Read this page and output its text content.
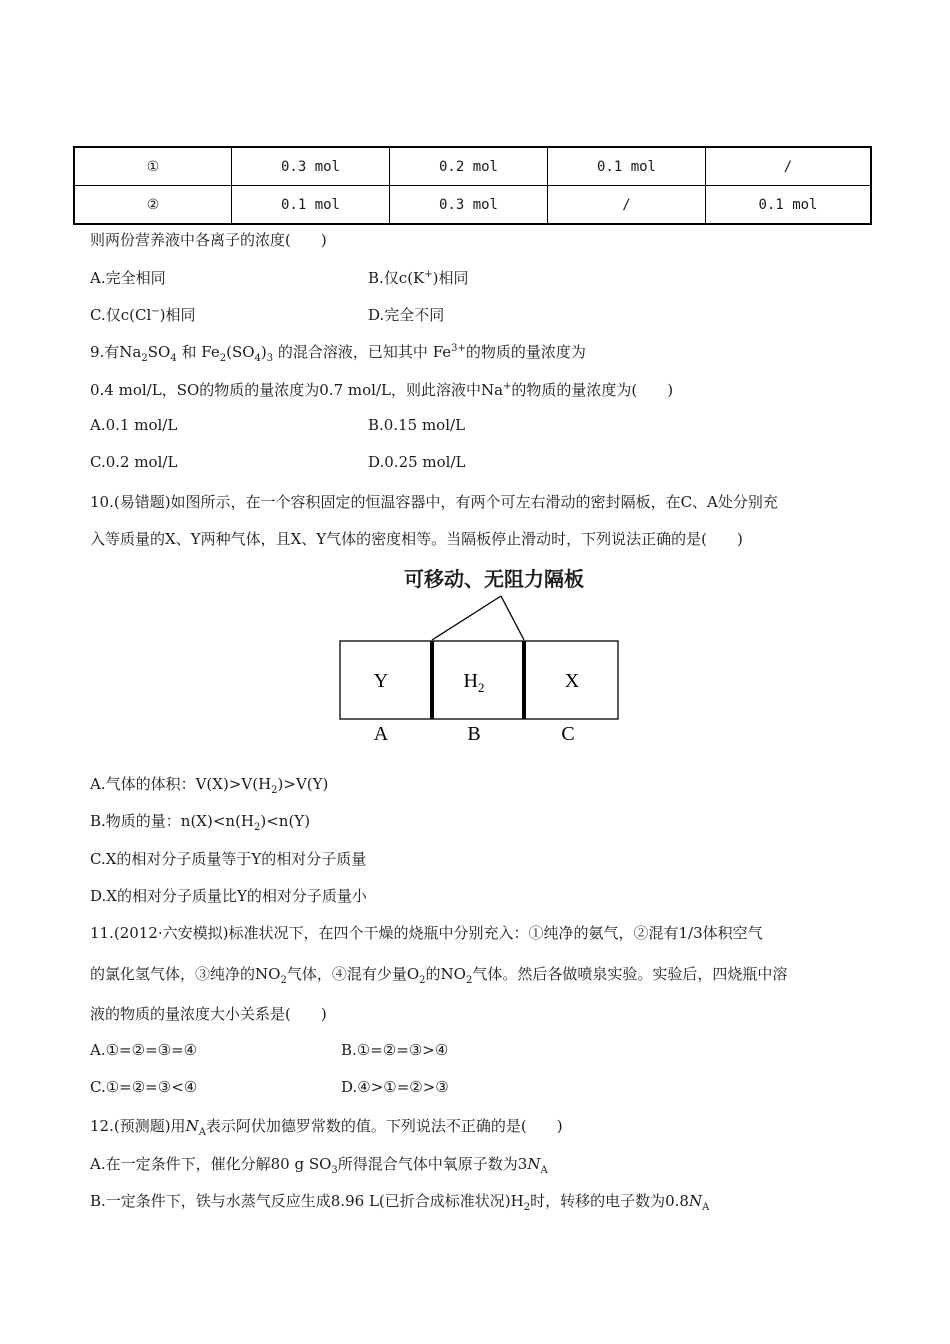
①	0.3 mol	0.2 mol	0.1 mol	/
②	0.1 mol	0.3 mol	/	0.1 mol
则两份营养液中各离子的浓度(　　)
A.完全相同	B.仅c(K+)相同
C.仅c(Cl−)相同	D.完全不同
9.有$Na_2SO_4$ 和 $Fe_2(SO_4)_3$ 的混合溶液，已知其中 $Fe^{3+}$的物质的量浓度为
0.4 mol/L，SO的物质的量浓度为0.7 mol/L，则此溶液中Na+的物质的量浓度为(　　)
A.0.1 mol/L	B.0.15 mol/L
C.0.2 mol/L	D.0.25 mol/L
10.(易错题)如图所示，在一个容积固定的恒温容器中，有两个可左右滑动的密封隔板，在C、A处分别充
入等质量的X、Y两种气体，且X、Y气体的密度相等。当隔板停止滑动时，下列说法正确的是(　　)
可移动、无阻力隔板
Y	$H_2$	X
A	B	C
A.气体的体积：$V(X)>V(H_2)>V(Y)$
B.物质的量：$n(X)<n(H_2)<n(Y)$
C.X的相对分子质量等于Y的相对分子质量
D.X的相对分子质量比Y的相对分子质量小
11.(2012·六安模拟)标准状况下，在四个干燥的烧瓶中分别充入：①纯净的氨气，②混有1/3体积空气
的氯化氢气体，③纯净的$NO_2$气体，④混有少量$O_2$的$NO_2$气体。然后各做喷泉实验。实验后，四烧瓶中溶
液的物质的量浓度大小关系是(　　)
A.①=②=③=④	B.①=②=③>④
C.①=②=③<④	D.④>①=②>③
12.(预测题)用$N_A$表示阿伏加德罗常数的值。下列说法不正确的是(　　)
A.在一定条件下，催化分解80 g $SO_3$所得混合气体中氧原子数为$3N_A$
B.一定条件下，铁与水蒸气反应生成8.96 L(已折合成标准状况)$H_2$时，转移的电子数为$0.8N_A$
